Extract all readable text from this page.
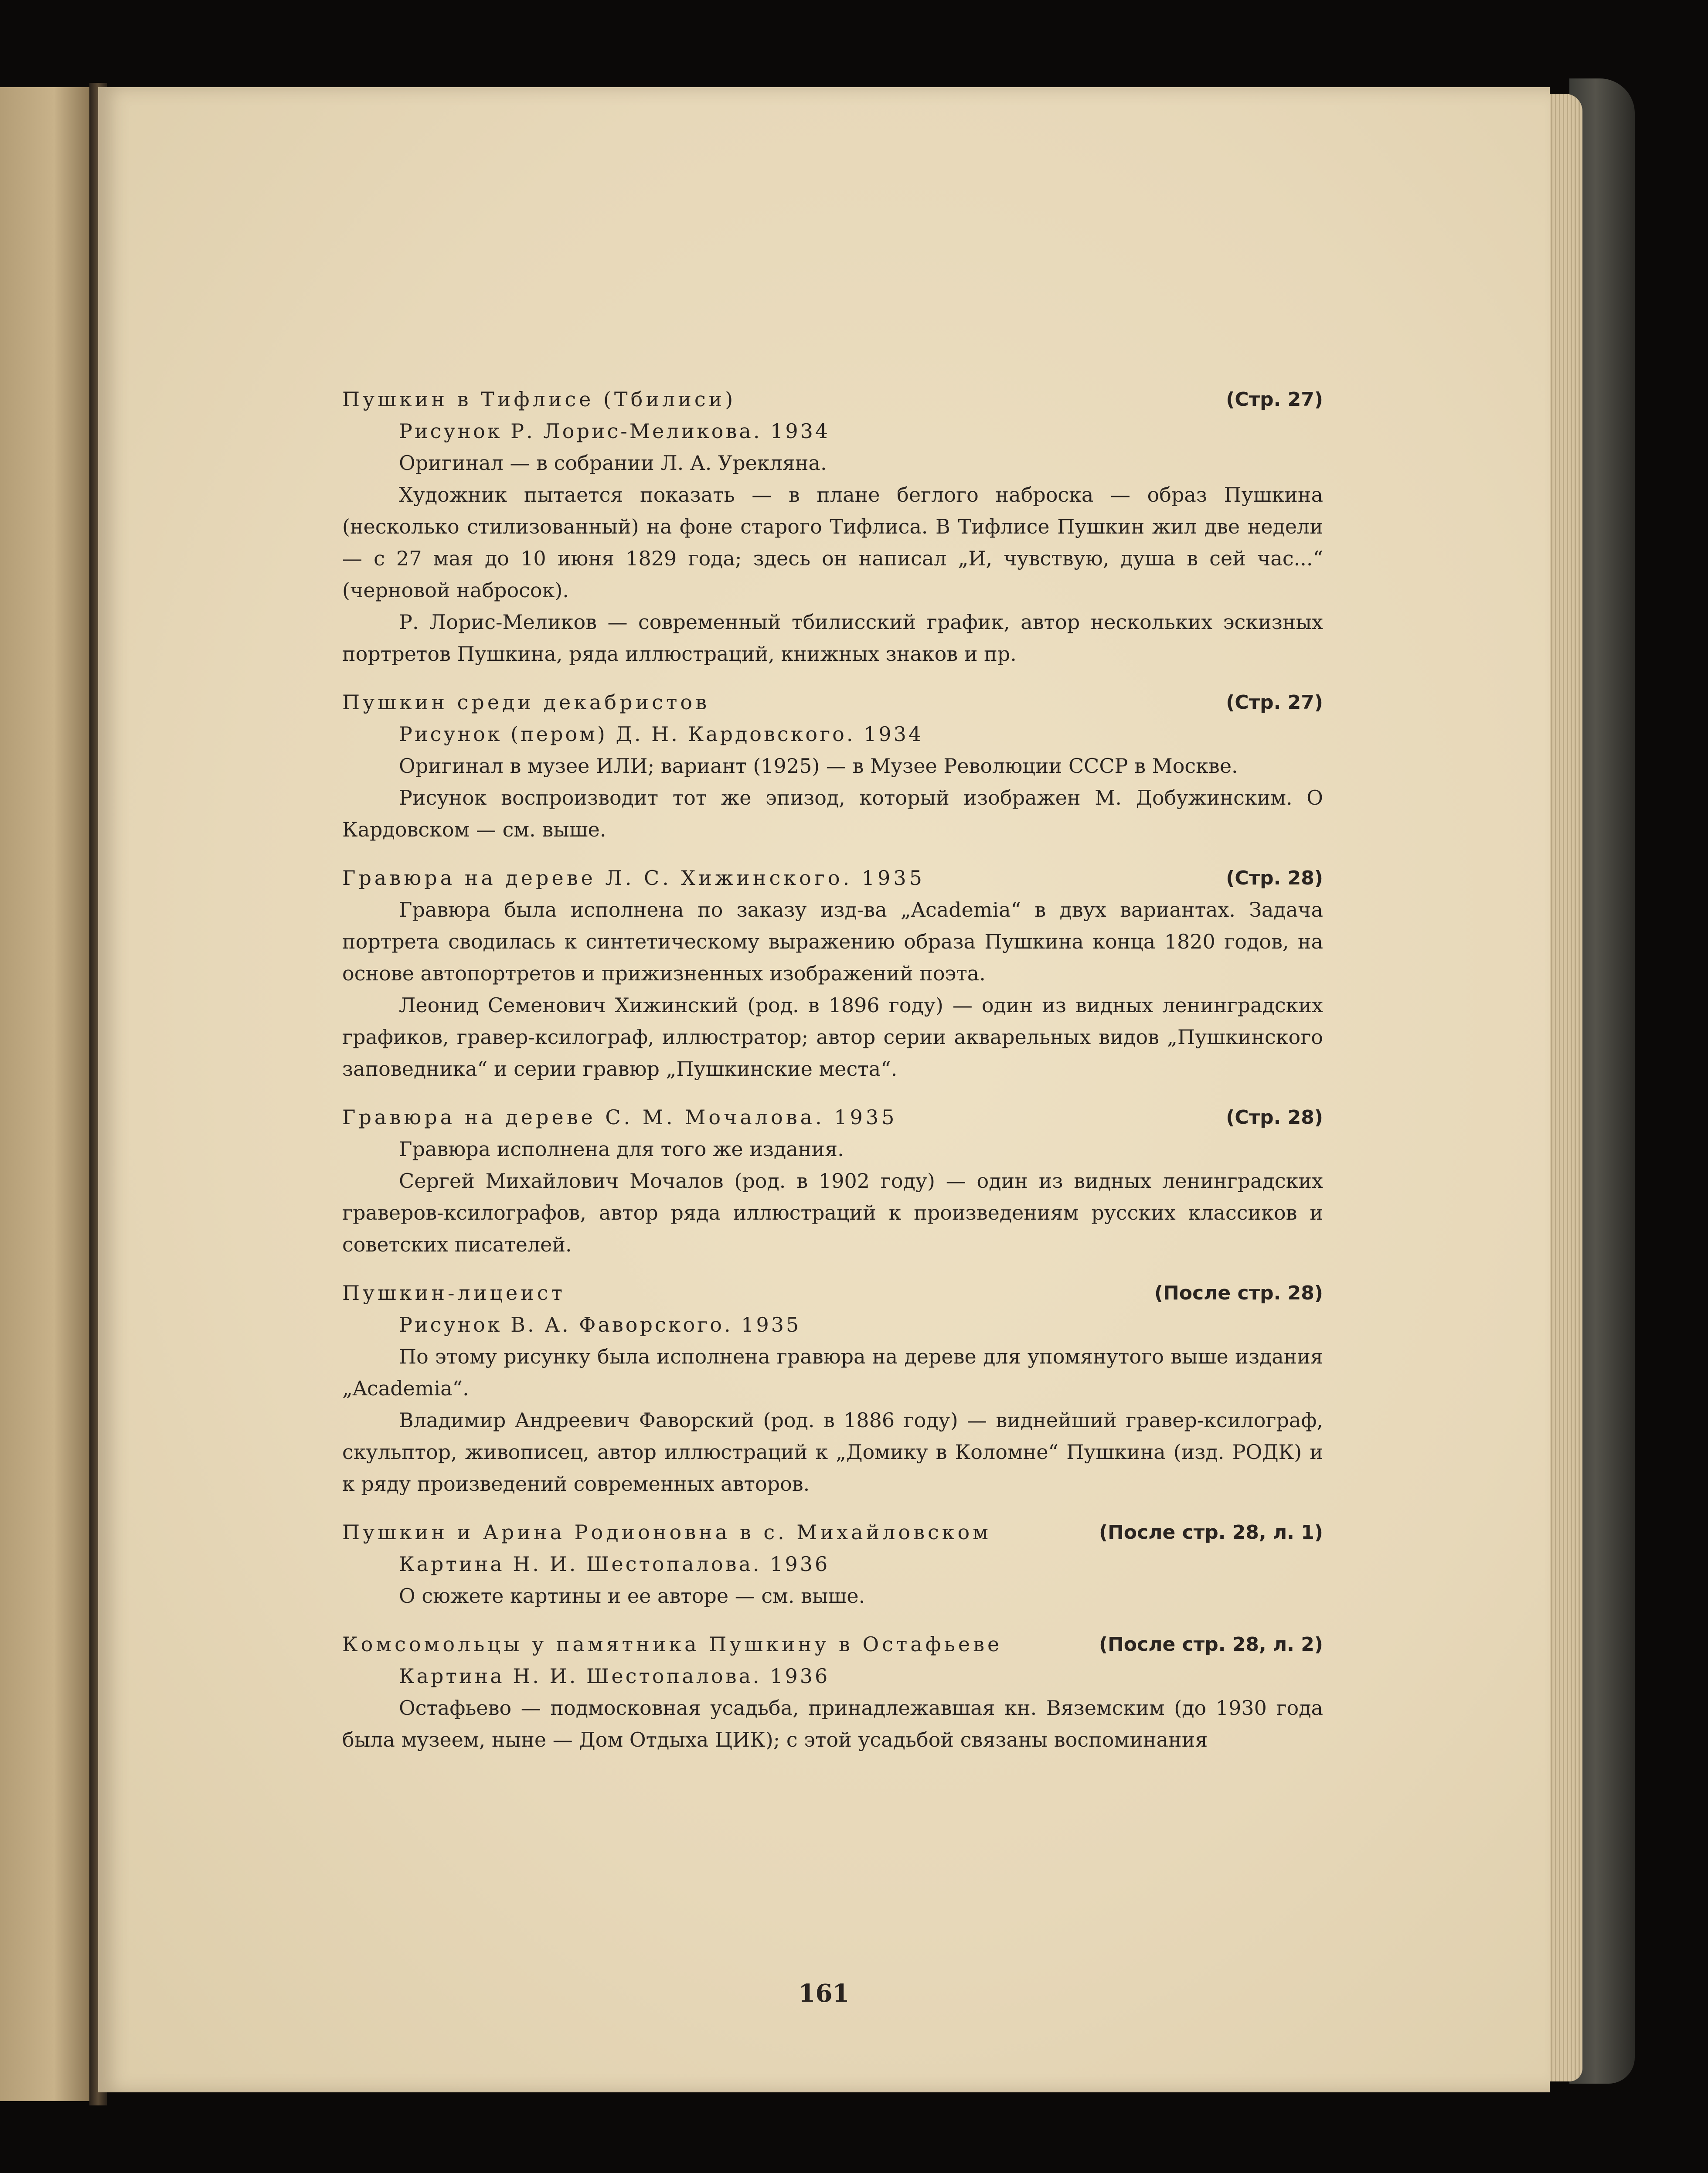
Пушкин в Тифлисе (Тбилиси)	(Стр. 27)
Рисунок Р. Лорис-Меликова. 1934
Оригинал — в собрании Л. А. Урекляна.
Художник пытается показать — в плане беглого наброска — образ Пушкина (несколько стилизованный) на фоне старого Тифлиса. В Тифлисе Пушкин жил две недели — с 27 мая до 10 июня 1829 года; здесь он написал „И, чувствую, душа в сей час...“ (черновой набросок).
Р. Лорис-Меликов — современный тбилисский график, автор нескольких эскизных портретов Пушкина, ряда иллюстраций, книжных знаков и пр.
Пушкин среди декабристов	(Стр. 27)
Рисунок (пером) Д. Н. Кардовского. 1934
Оригинал в музее ИЛИ; вариант (1925) — в Музее Революции СССР в Москве.
Рисунок воспроизводит тот же эпизод, который изображен М. Добужинским. О Кардовском — см. выше.
Гравюра на дереве Л. С. Хижинского. 1935	(Стр. 28)
Гравюра была исполнена по заказу изд-ва „Academia“ в двух вариантах. Задача портрета сводилась к синтетическому выражению образа Пушкина конца 1820 годов, на основе автопортретов и прижизненных изображений поэта.
Леонид Семенович Хижинский (род. в 1896 году) — один из видных ленинградских графиков, гравер-ксилограф, иллюстратор; автор серии акварельных видов „Пушкинского заповедника“ и серии гравюр „Пушкинские места“.
Гравюра на дереве С. М. Мочалова. 1935	(Стр. 28)
Гравюра исполнена для того же издания.
Сергей Михайлович Мочалов (род. в 1902 году) — один из видных ленинградских граверов-ксилографов, автор ряда иллюстраций к произведениям русских классиков и советских писателей.
Пушкин-лицеист	(После стр. 28)
Рисунок В. А. Фаворского. 1935
По этому рисунку была исполнена гравюра на дереве для упомянутого выше издания „Academia“.
Владимир Андреевич Фаворский (род. в 1886 году) — виднейший гравер-ксилограф, скульптор, живописец, автор иллюстраций к „Домику в Коломне“ Пушкина (изд. РОДК) и к ряду произведений современных авторов.
Пушкин и Арина Родионовна в с. Михайловском	(После стр. 28, л. 1)
Картина Н. И. Шестопалова. 1936
О сюжете картины и ее авторе — см. выше.
Комсомольцы у памятника Пушкину в Остафьеве	(После стр. 28, л. 2)
Картина Н. И. Шестопалова. 1936
Остафьево — подмосковная усадьба, принадлежавшая кн. Вяземским (до 1930 года была музеем, ныне — Дом Отдыха ЦИК); с этой усадьбой связаны воспоминания
161
